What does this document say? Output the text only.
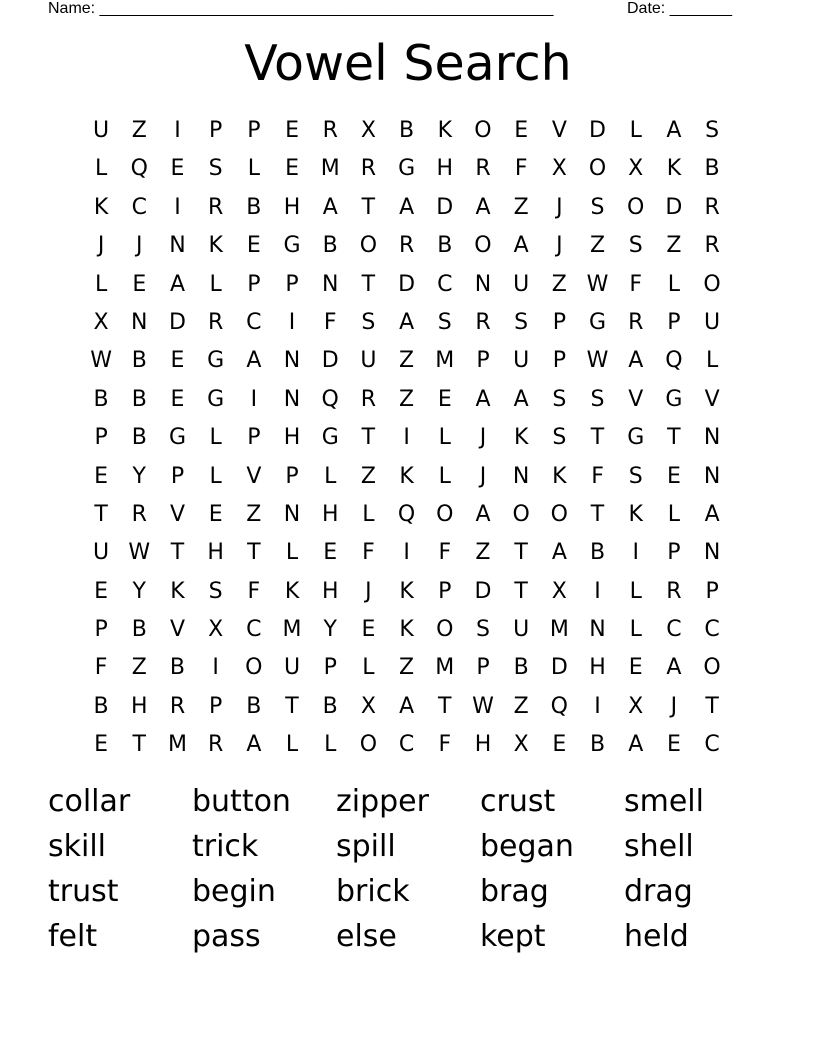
Name: ___________________________________________________	Date: _______
Vowel Search
U	Z	I	P	P	E	R	X	B	K	O	E	V	D	L	A	S
L	Q	E	S	L	E M R	G H	R	F	X O X	K	B
K	C	I	R	B	H	A	T	A	D	A	Z	J	S	O D	R
J	J	N	K	E	G	B O R	B O	A	J	Z	S	Z	R
L	E	A	L	P	P	N	T	D	C	N U	Z W F	L	O
X	N D	R	C	I	F	S	A	S	R	S	P	G	R	P	U
W B	E	G	A	N D U	Z M	P	U	P W A Q	L
B	B	E	G	I	N Q R	Z	E	A	A	S	S	V	G	V
P	B	G	L	P	H G	T	I	L	J	K	S	T	G	T	N
E	Y	P	L	V	P	L	Z	K	L	J	N	K	F	S	E	N
T	R	V	E	Z	N H	L	Q O	A O O	T	K	L	A
U W T	H	T	L	E	F	I	F	Z	T	A	B	I	P	N
E	Y	K	S	F	K	H	J	K	P	D	T	X	I	L	R	P
P	B	V	X	C M Y	E	K	O	S	U M N	L	C	C
F	Z	B	I	O U	P	L	Z M	P	B	D H	E	A O
B	H	R	P	B	T	B	X	A	T W Z Q	I	X	J	T
E	T M R	A	L	L	O C	F	H	X	E	B	A	E	C
collar	button	zipper	crust	smell
skill	trick	spill	began	shell
trust	begin	brick	brag	drag
felt	pass	else	kept	held
